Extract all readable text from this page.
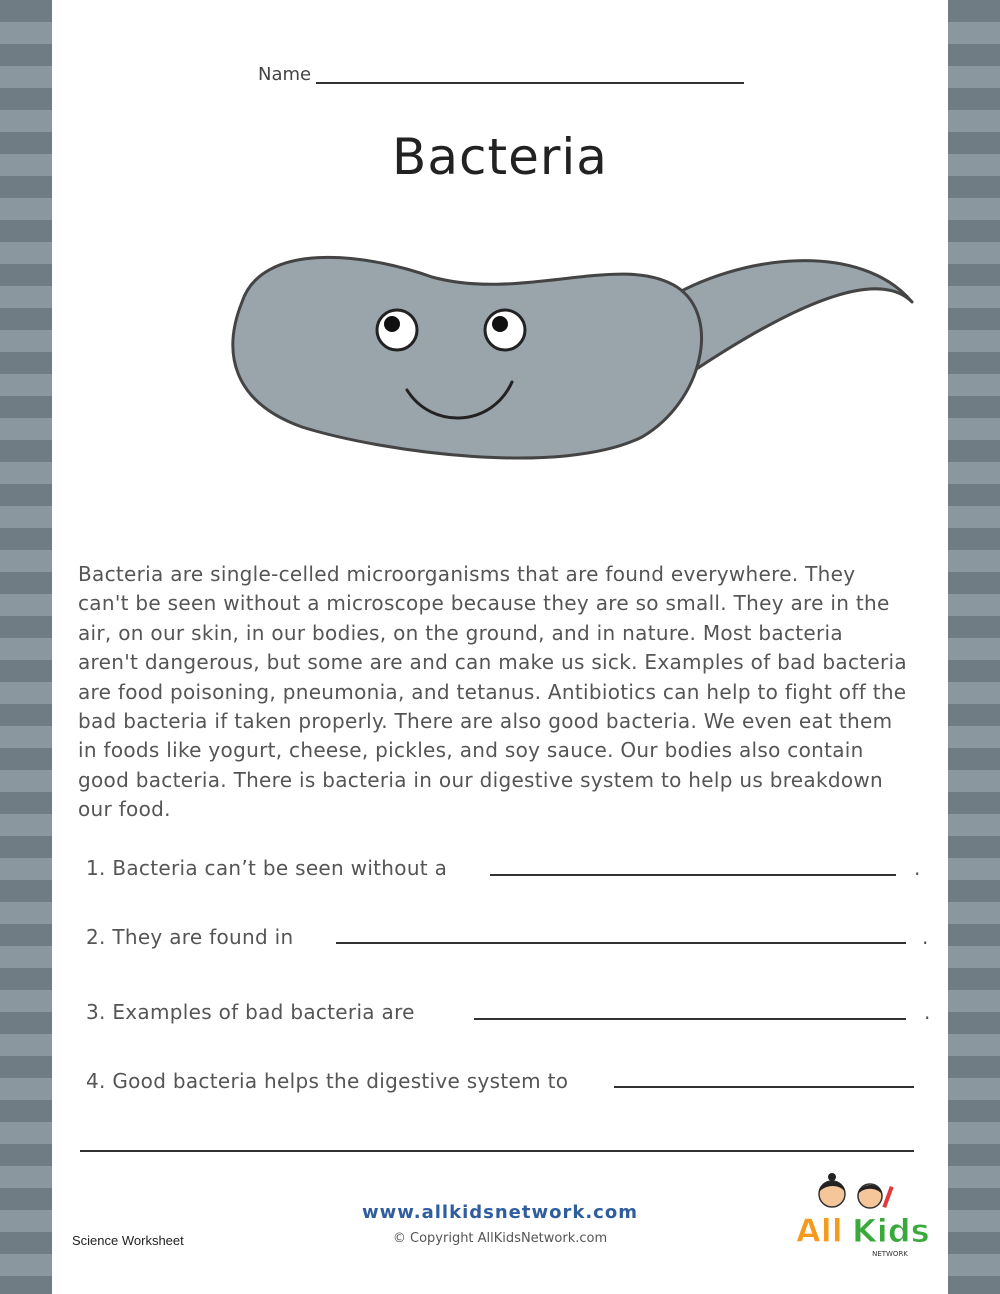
Name
Bacteria
Bacteria are single-celled microorganisms that are found everywhere. They can't be seen without a microscope because they are so small. They are in the air, on our skin, in our bodies, on the ground, and in nature. Most bacteria aren't dangerous, but some are and can make us sick. Examples of bad bacteria are food poisoning, pneumonia, and tetanus. Antibiotics can help to fight off the bad bacteria if taken properly. There are also good bacteria. We even eat them in foods like yogurt, cheese, pickles, and soy sauce. Our bodies also contain good bacteria. There is bacteria in our digestive system to help us breakdown our food.
1. Bacteria can’t be seen without a	.
2. They are found in	.
3. Examples of bad bacteria are	.
4. Good bacteria helps the digestive system to
www.allkidsnetwork.com
© Copyright AllKidsNetwork.com
Science Worksheet	All Kids
NETWORK
